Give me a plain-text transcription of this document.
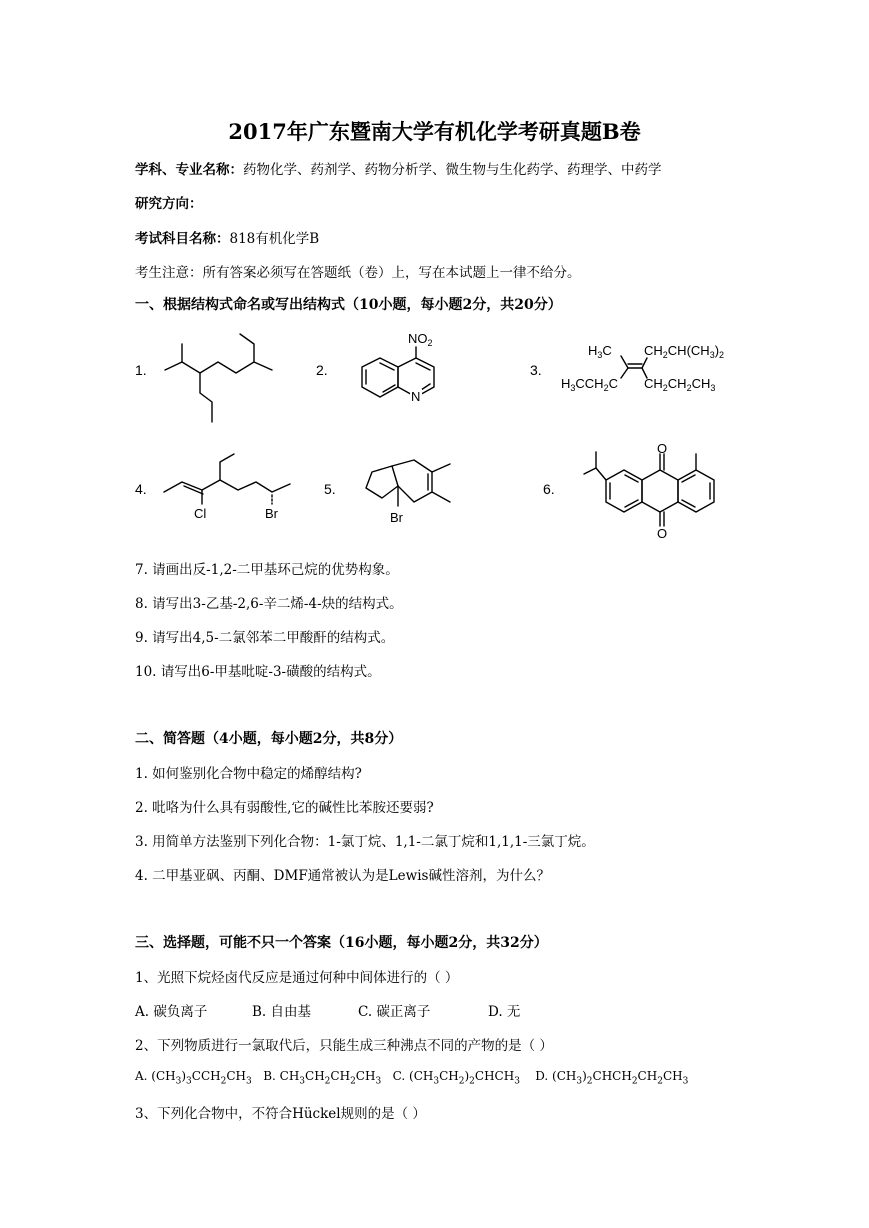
2017年广东暨南大学有机化学考研真题B卷
学科、专业名称：药物化学、药剂学、药物分析学、微生物与生化药学、药理学、中药学
研究方向：
考试科目名称：818有机化学B
考生注意：所有答案必须写在答题纸（卷）上，写在本试题上一律不给分。
一、根据结构式命名或写出结构式（10小题，每小题2分，共20分）
1.	2.	3.
4.	5.	6.
$NO_2$
N
$H_3C$ $CH_2CH(CH_3)_2$
$H_3CCH_2C$ $CH_2CH_2CH_3$
Cl	Br	Br
O
O
7. 请画出反-1,2-二甲基环己烷的优势构象。
8. 请写出3-乙基-2,6-辛二烯-4-炔的结构式。
9. 请写出4,5-二氯邻苯二甲酸酐的结构式。
10. 请写出6-甲基吡啶-3-磺酸的结构式。
二、简答题（4小题，每小题2分，共8分）
1. 如何鉴别化合物中稳定的烯醇结构?
2. 吡咯为什么具有弱酸性,它的碱性比苯胺还要弱?
3. 用简单方法鉴别下列化合物：1-氯丁烷、1,1-二氯丁烷和1,1,1-三氯丁烷。
4. 二甲基亚砜、丙酮、DMF通常被认为是Lewis碱性溶剂，为什么？
三、选择题，可能不只一个答案（16小题，每小题2分，共32分）
1、光照下烷烃卤代反应是通过何种中间体进行的（ ）
A. 碳负离子	B. 自由基	C. 碳正离子	D. 无
2、下列物质进行一氯取代后，只能生成三种沸点不同的产物的是（ ）
A. $(CH_3)_3CCH_2CH_3$ B. $CH_3CH_2CH_2CH_3$ C. $(CH_3CH_2)_2CHCH_3$ D. $(CH_3)_2CHCH_2CH_2CH_3$
3、下列化合物中，不符合Hückel规则的是（ ）
